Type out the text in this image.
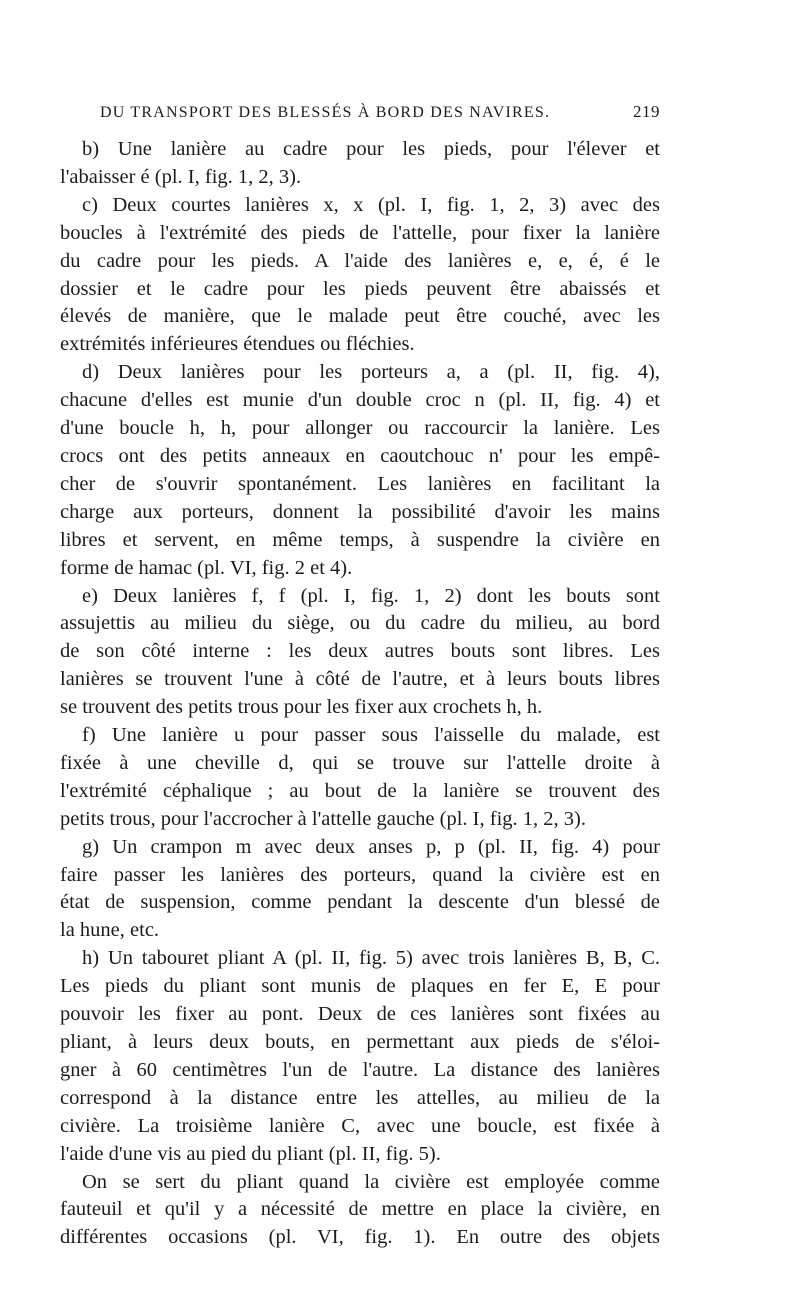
DU TRANSPORT DES BLESSÉS À BORD DES NAVIRES.	219
b) Une lanière au cadre pour les pieds, pour l'élever et
l'abaisser é (pl. I, fig. 1, 2, 3).
c) Deux courtes lanières x, x (pl. I, fig. 1, 2, 3) avec des
boucles à l'extrémité des pieds de l'attelle, pour fixer la lanière
du cadre pour les pieds. A l'aide des lanières e, e, é, é le
dossier et le cadre pour les pieds peuvent être abaissés et
élevés de manière, que le malade peut être couché, avec les
extrémités inférieures étendues ou fléchies.
d) Deux lanières pour les porteurs a, a (pl. II, fig. 4),
chacune d'elles est munie d'un double croc n (pl. II, fig. 4) et
d'une boucle h, h, pour allonger ou raccourcir la lanière. Les
crocs ont des petits anneaux en caoutchouc n' pour les empê-
cher de s'ouvrir spontanément. Les lanières en facilitant la
charge aux porteurs, donnent la possibilité d'avoir les mains
libres et servent, en même temps, à suspendre la civière en
forme de hamac (pl. VI, fig. 2 et 4).
e) Deux lanières f, f (pl. I, fig. 1, 2) dont les bouts sont
assujettis au milieu du siège, ou du cadre du milieu, au bord
de son côté interne : les deux autres bouts sont libres. Les
lanières se trouvent l'une à côté de l'autre, et à leurs bouts libres
se trouvent des petits trous pour les fixer aux crochets h, h.
f) Une lanière u pour passer sous l'aisselle du malade, est
fixée à une cheville d, qui se trouve sur l'attelle droite à
l'extrémité céphalique ; au bout de la lanière se trouvent des
petits trous, pour l'accrocher à l'attelle gauche (pl. I, fig. 1, 2, 3).
g) Un crampon m avec deux anses p, p (pl. II, fig. 4) pour
faire passer les lanières des porteurs, quand la civière est en
état de suspension, comme pendant la descente d'un blessé de
la hune, etc.
h) Un tabouret pliant A (pl. II, fig. 5) avec trois lanières B, B, C.
Les pieds du pliant sont munis de plaques en fer E, E pour
pouvoir les fixer au pont. Deux de ces lanières sont fixées au
pliant, à leurs deux bouts, en permettant aux pieds de s'éloi-
gner à 60 centimètres l'un de l'autre. La distance des lanières
correspond à la distance entre les attelles, au milieu de la
civière. La troisième lanière C, avec une boucle, est fixée à
l'aide d'une vis au pied du pliant (pl. II, fig. 5).
On se sert du pliant quand la civière est employée comme
fauteuil et qu'il y a nécessité de mettre en place la civière, en
différentes occasions (pl. VI, fig. 1). En outre des objets
